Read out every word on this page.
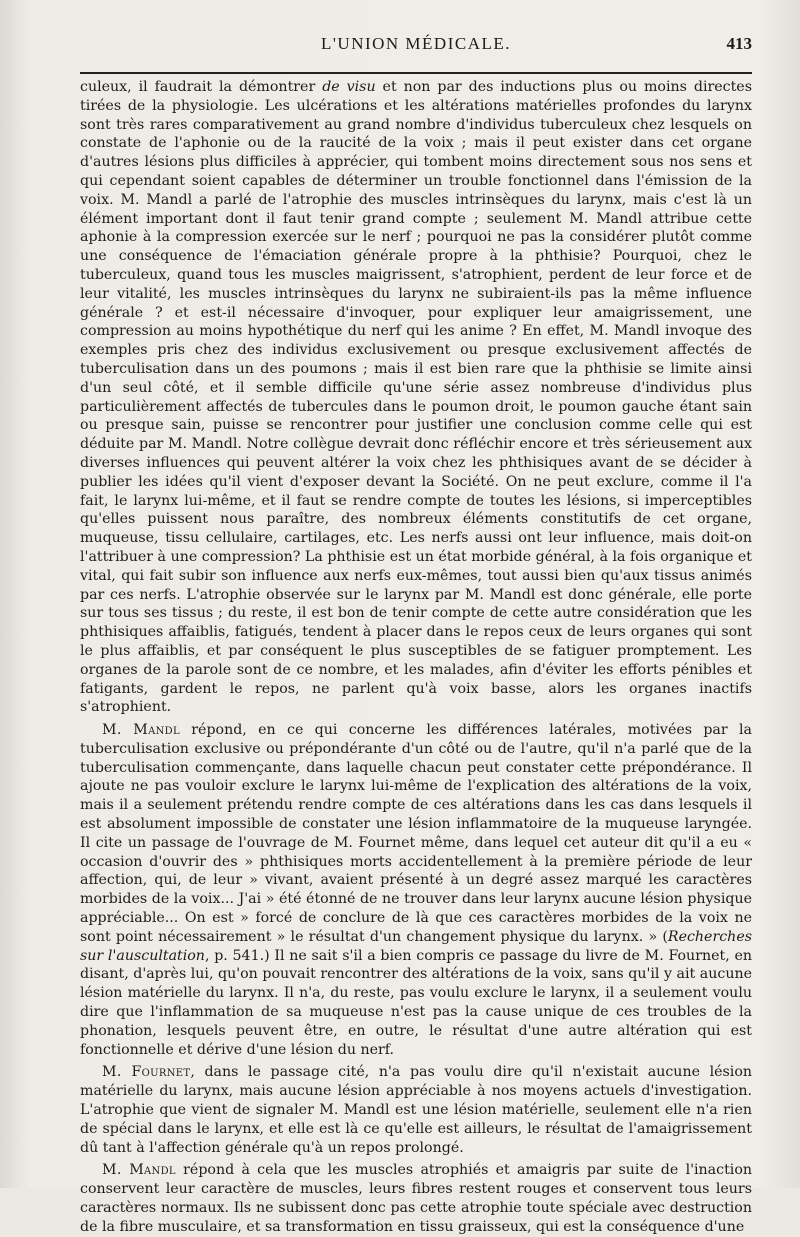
L'UNION MÉDICALE.	413

culeux, il faudrait la démontrer de visu et non par des inductions plus ou moins directes tirées de la physiologie. Les ulcérations et les altérations matérielles profondes du larynx sont très rares comparativement au grand nombre d'individus tuberculeux chez lesquels on constate de l'aphonie ou de la raucité de la voix ; mais il peut exister dans cet organe d'autres lésions plus difficiles à apprécier, qui tombent moins directement sous nos sens et qui cependant soient capables de déterminer un trouble fonctionnel dans l'émission de la voix. M. Mandl a parlé de l'atrophie des muscles intrinsèques du larynx, mais c'est là un élément important dont il faut tenir grand compte ; seulement M. Mandl attribue cette aphonie à la compression exercée sur le nerf ; pourquoi ne pas la considérer plutôt comme une conséquence de l'émaciation générale propre à la phthisie? Pourquoi, chez le tuberculeux, quand tous les muscles maigrissent, s'atrophient, perdent de leur force et de leur vitalité, les muscles intrinsèques du larynx ne subiraient-ils pas la même influence générale ? et est-il nécessaire d'invoquer, pour expliquer leur amaigrissement, une compression au moins hypothétique du nerf qui les anime ? En effet, M. Mandl invoque des exemples pris chez des individus exclusivement ou presque exclusivement affectés de tuberculisation dans un des poumons ; mais il est bien rare que la phthisie se limite ainsi d'un seul côté, et il semble difficile qu'une série assez nombreuse d'individus plus particulièrement affectés de tubercules dans le poumon droit, le poumon gauche étant sain ou presque sain, puisse se rencontrer pour justifier une conclusion comme celle qui est déduite par M. Mandl. Notre collègue devrait donc réfléchir encore et très sérieusement aux diverses influences qui peuvent altérer la voix chez les phthisiques avant de se décider à publier les idées qu'il vient d'exposer devant la Société. On ne peut exclure, comme il l'a fait, le larynx lui-même, et il faut se rendre compte de toutes les lésions, si imperceptibles qu'elles puissent nous paraître, des nombreux éléments constitutifs de cet organe, muqueuse, tissu cellulaire, cartilages, etc. Les nerfs aussi ont leur influence, mais doit-on l'attribuer à une compression? La phthisie est un état morbide général, à la fois organique et vital, qui fait subir son influence aux nerfs eux-mêmes, tout aussi bien qu'aux tissus animés par ces nerfs. L'atrophie observée sur le larynx par M. Mandl est donc générale, elle porte sur tous ses tissus ; du reste, il est bon de tenir compte de cette autre considération que les phthisiques affaiblis, fatigués, tendent à placer dans le repos ceux de leurs organes qui sont le plus affaiblis, et par conséquent le plus susceptibles de se fatiguer promptement. Les organes de la parole sont de ce nombre, et les malades, afin d'éviter les efforts pénibles et fatigants, gardent le repos, ne parlent qu'à voix basse, alors les organes inactifs s'atrophient.

M. Mandl répond, en ce qui concerne les différences latérales, motivées par la tuberculisation exclusive ou prépondérante d'un côté ou de l'autre, qu'il n'a parlé que de la tuberculisation commençante, dans laquelle chacun peut constater cette prépondérance. Il ajoute ne pas vouloir exclure le larynx lui-même de l'explication des altérations de la voix, mais il a seulement prétendu rendre compte de ces altérations dans les cas dans lesquels il est absolument impossible de constater une lésion inflammatoire de la muqueuse laryngée. Il cite un passage de l'ouvrage de M. Fournet même, dans lequel cet auteur dit qu'il a eu « occasion d'ouvrir des » phthisiques morts accidentellement à la première période de leur affection, qui, de leur » vivant, avaient présenté à un degré assez marqué les caractères morbides de la voix... J'ai » été étonné de ne trouver dans leur larynx aucune lésion physique appréciable... On est » forcé de conclure de là que ces caractères morbides de la voix ne sont point nécessairement » le résultat d'un changement physique du larynx. » (Recherches sur l'auscultation, p. 541.) Il ne sait s'il a bien compris ce passage du livre de M. Fournet, en disant, d'après lui, qu'on pouvait rencontrer des altérations de la voix, sans qu'il y ait aucune lésion matérielle du larynx. Il n'a, du reste, pas voulu exclure le larynx, il a seulement voulu dire que l'inflammation de sa muqueuse n'est pas la cause unique de ces troubles de la phonation, lesquels peuvent être, en outre, le résultat d'une autre altération qui est fonctionnelle et dérive d'une lésion du nerf.

M. Fournet, dans le passage cité, n'a pas voulu dire qu'il n'existait aucune lésion matérielle du larynx, mais aucune lésion appréciable à nos moyens actuels d'investigation. L'atrophie que vient de signaler M. Mandl est une lésion matérielle, seulement elle n'a rien de spécial dans le larynx, et elle est là ce qu'elle est ailleurs, le résultat de l'amaigrissement dû tant à l'affection générale qu'à un repos prolongé.

M. Mandl répond à cela que les muscles atrophiés et amaigris par suite de l'inaction conservent leur caractère de muscles, leurs fibres restent rouges et conservent tous leurs caractères normaux. Ils ne subissent donc pas cette atrophie toute spéciale avec destruction de la fibre musculaire, et sa transformation en tissu graisseux, qui est la conséquence d'une
